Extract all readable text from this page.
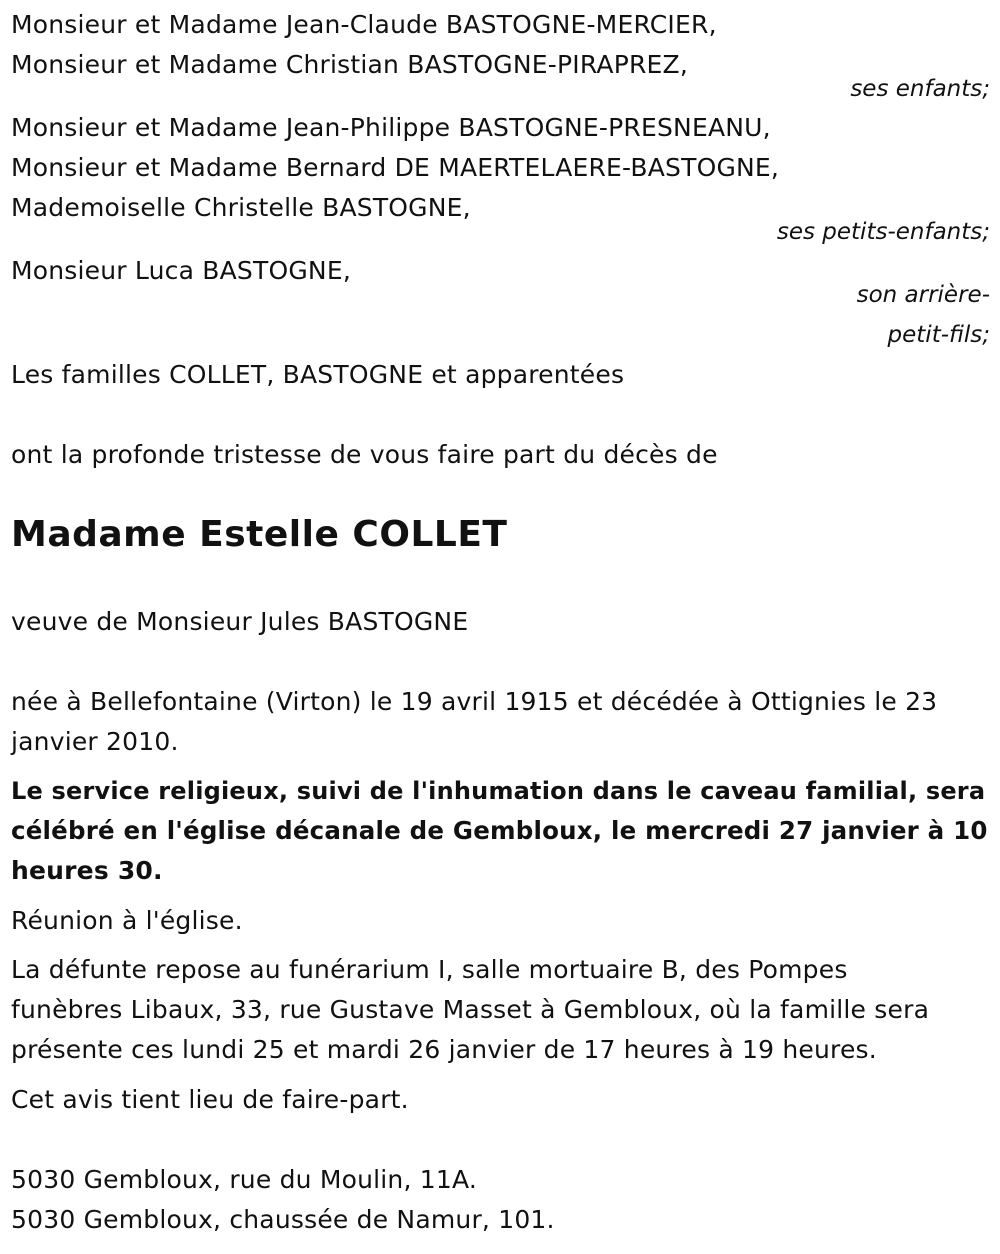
Monsieur et Madame Jean-Claude BASTOGNE-MERCIER,
Monsieur et Madame Christian BASTOGNE-PIRAPREZ,
ses enfants;
Monsieur et Madame Jean-Philippe BASTOGNE-PRESNEANU,
Monsieur et Madame Bernard DE MAERTELAERE-BASTOGNE,
Mademoiselle Christelle BASTOGNE,
ses petits-enfants;
Monsieur Luca BASTOGNE,
son arrière-
petit-fils;
Les familles COLLET, BASTOGNE et apparentées
ont la profonde tristesse de vous faire part du décès de
Madame Estelle COLLET
veuve de Monsieur Jules BASTOGNE
née à Bellefontaine (Virton) le 19 avril 1915 et décédée à Ottignies le 23
janvier 2010.
Le service religieux, suivi de l'inhumation dans le caveau familial, sera
célébré en l'église décanale de Gembloux, le mercredi 27 janvier à 10
heures 30.
Réunion à l'église.
La défunte repose au funérarium I, salle mortuaire B, des Pompes
funèbres Libaux, 33, rue Gustave Masset à Gembloux, où la famille sera
présente ces lundi 25 et mardi 26 janvier de 17 heures à 19 heures.
Cet avis tient lieu de faire-part.
5030 Gembloux, rue du Moulin, 11A.
5030 Gembloux, chaussée de Namur, 101.
